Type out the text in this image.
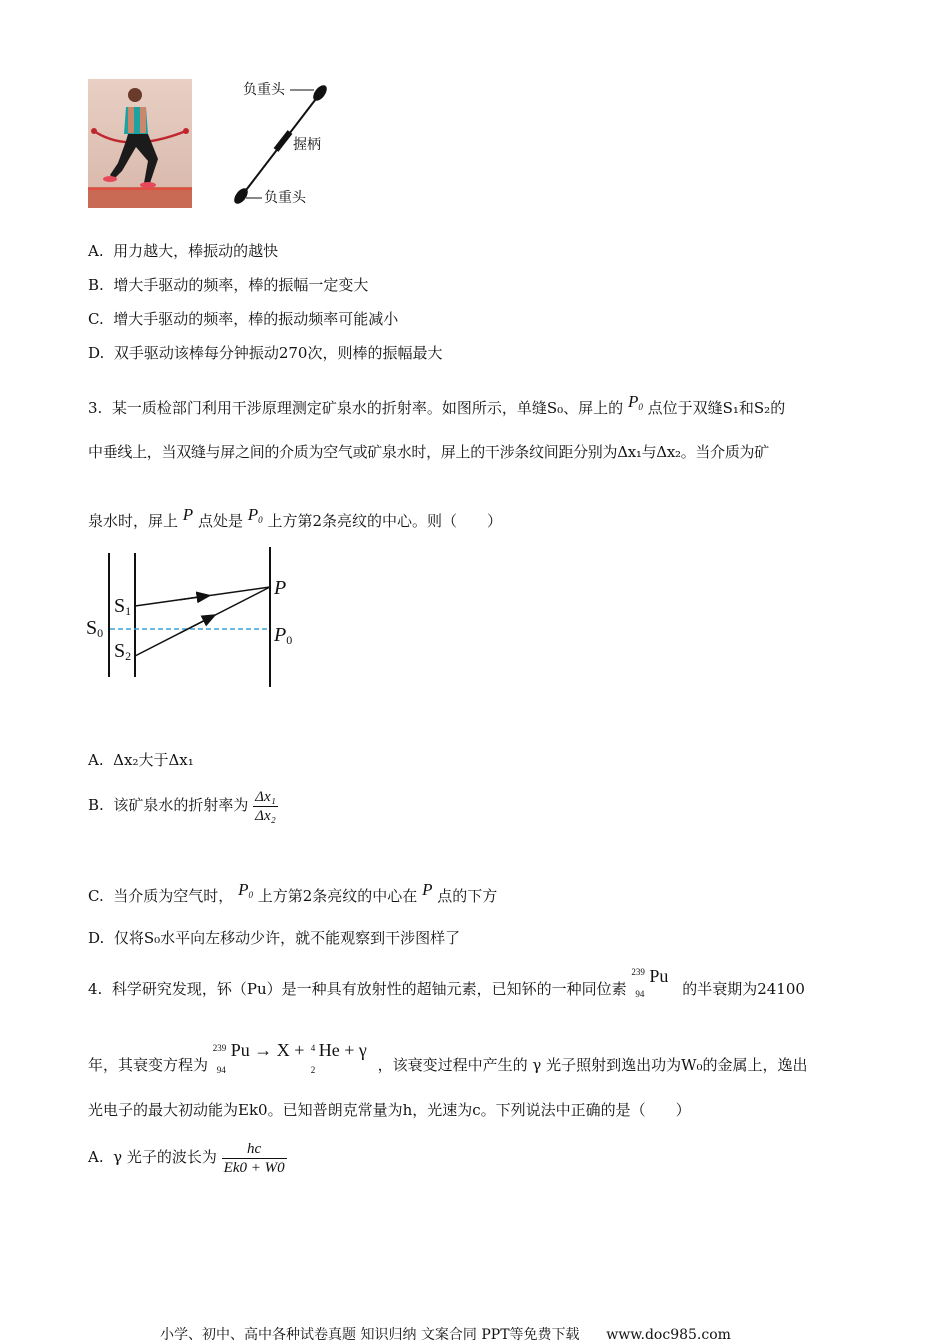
负重头
握柄
负重头
A. 用力越大，棒振动的越快
B. 增大手驱动的频率，棒的振幅一定变大
C. 增大手驱动的频率，棒的振动频率可能减小
D. 双手驱动该棒每分钟振动270次，则棒的振幅最大
3. 某一质检部门利用干涉原理测定矿泉水的折射率。如图所示，单缝S₀、屏上的 $P_0$ 点位于双缝S₁和S₂的
中垂线上，当双缝与屏之间的介质为空气或矿泉水时，屏上的干涉条纹间距分别为Δx₁与Δx₂。当介质为矿
泉水时，屏上 P 点处是 $P_0$ 上方第2条亮纹的中心。则（　　）
$S_0$
$S_1$
$S_2$
P
$P_0$
A. Δx₂大于Δx₁
B. 该矿泉水的折射率为 $\frac{\text{Δx₁}}{\text{Δx₂}}$
C. 当介质为空气时， $P_0$ 上方第2条亮纹的中心在 P 点的下方
D. 仅将S₀水平向左移动少许，就不能观察到干涉图样了
4. 科学研究发现，钚（Pu）是一种具有放射性的超铀元素，已知钚的一种同位素
239
94
Pu
的半衰期为24100
年，其衰变方程为
239
94
Pu → X + 4
2
He + γ
，该衰变过程中产生的 γ 光子照射到逸出功为W₀的金属上，逸出
光电子的最大初动能为Ek0。已知普朗克常量为h，光速为c。下列说法中正确的是（　　）
A. γ 光子的波长为 $\frac{hc}{Ek0 + W0}$
小学、初中、高中各种试卷真题 知识归纳 文案合同 PPT等免费下载 www.doc985.com
